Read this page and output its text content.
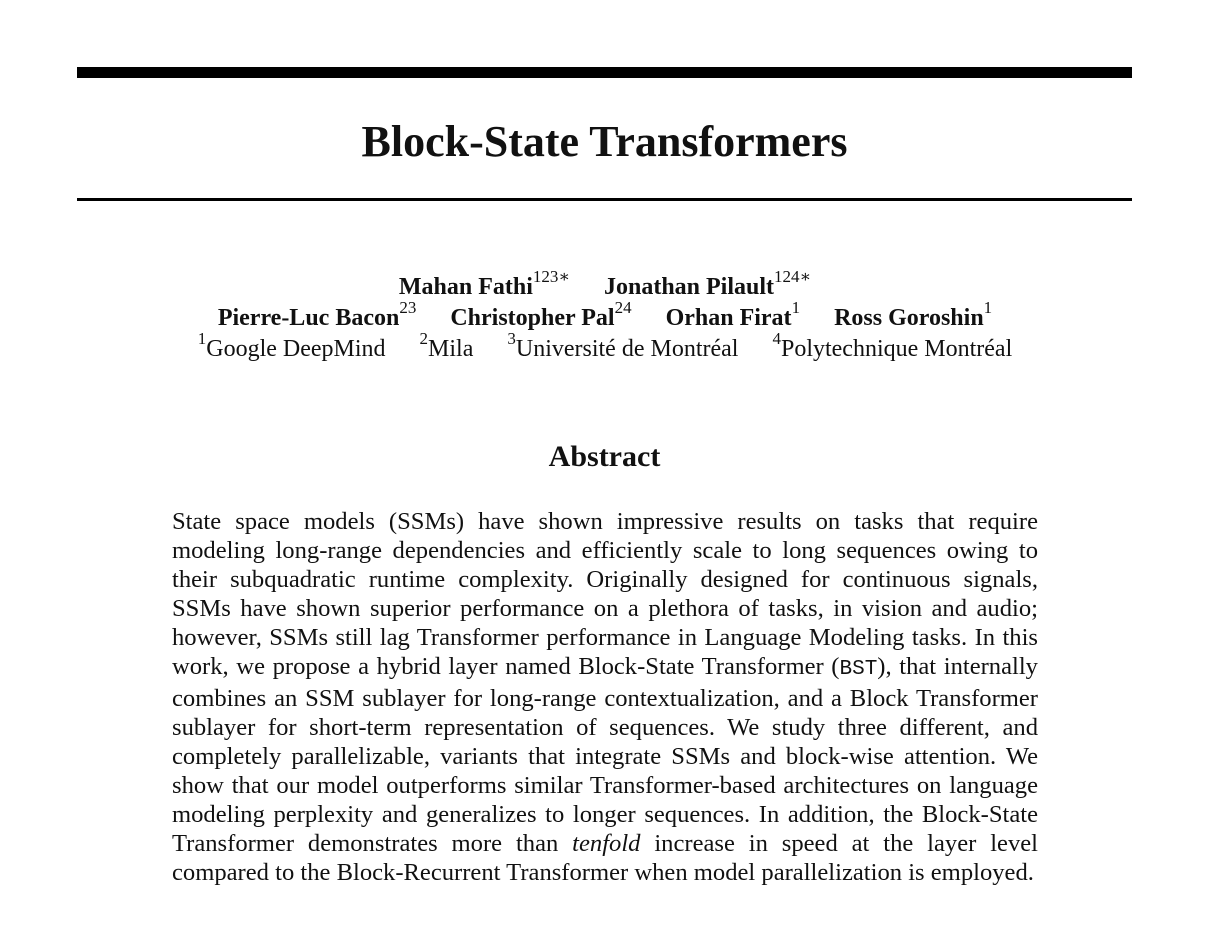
Block-State Transformers
Mahan Fathi$^{123∗}$ Jonathan Pilault$^{124∗}$
Pierre-Luc Bacon$^{23}$ Christopher Pal$^{24}$ Orhan Firat$^1$ Ross Goroshin$^1$
$^1$Google DeepMind $^2$Mila $^3$Université de Montréal $^4$Polytechnique Montréal
Abstract

State space models (SSMs) have shown impressive results on tasks that require modeling long-range dependencies and efficiently scale to long sequences owing to their subquadratic runtime complexity. Originally designed for continuous signals, SSMs have shown superior performance on a plethora of tasks, in vision and audio; however, SSMs still lag Transformer performance in Language Modeling tasks. In this work, we propose a hybrid layer named Block-State Transformer (BST), that internally combines an SSM sublayer for long-range contextualization, and a Block Transformer sublayer for short-term representation of sequences. We study three different, and completely parallelizable, variants that integrate SSMs and block-wise attention. We show that our model outperforms similar Transformer-based architectures on language modeling perplexity and generalizes to longer sequences. In addition, the Block-State Transformer demonstrates more than tenfold increase in speed at the layer level compared to the Block-Recurrent Transformer when model parallelization is employed.
